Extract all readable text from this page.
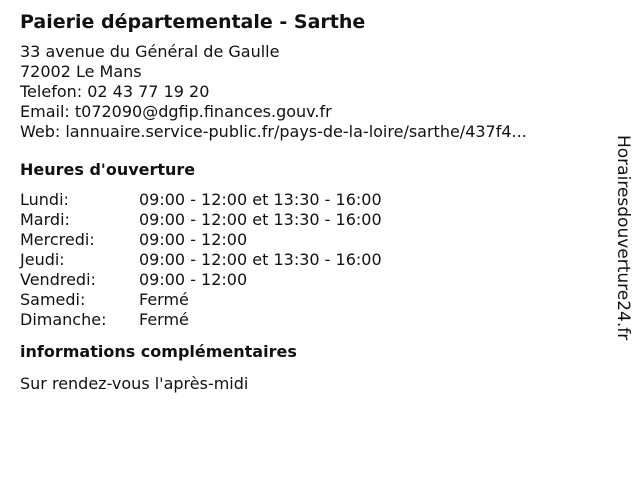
Paierie départementale - Sarthe
33 avenue du Général de Gaulle
72002 Le Mans
Telefon: 02 43 77 19 20
Email: t072090@dgfip.finances.gouv.fr
Web: lannuaire.service-public.fr/pays-de-la-loire/sarthe/437f4...
Heures d'ouverture
Lundi:	09:00 - 12:00 et 13:30 - 16:00
Mardi:	09:00 - 12:00 et 13:30 - 16:00
Mercredi:	09:00 - 12:00
Jeudi:	09:00 - 12:00 et 13:30 - 16:00
Vendredi:	09:00 - 12:00
Samedi:	Fermé
Dimanche:	Fermé
informations complémentaires
Sur rendez-vous l'après-midi
Horairesdouverture24.fr
